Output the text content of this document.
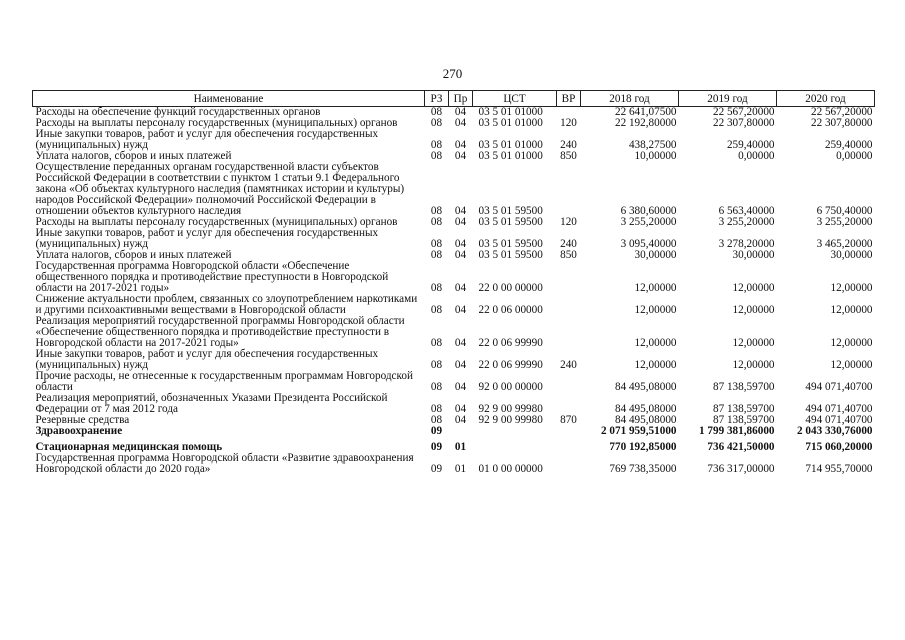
270
Наименование	РЗ	Пр	ЦСТ	ВР	2018 год	2019 год	2020 год
Расходы на обеспечение функций государственных органов	08	04	03 5 01 01000		22 641,07500	22 567,20000	22 567,20000
Расходы на выплаты персоналу государственных (муниципальных) органов	08	04	03 5 01 01000	120	22 192,80000	22 307,80000	22 307,80000
Иные закупки товаров, работ и услуг для обеспечения государственных (муниципальных) нужд	08	04	03 5 01 01000	240	438,27500	259,40000	259,40000
Уплата налогов, сборов и иных платежей	08	04	03 5 01 01000	850	10,00000	0,00000	0,00000
Осуществление переданных органам государственной власти субъектов Российской Федерации в соответствии с пунктом 1 статьи 9.1 Федерального закона «Об объектах культурного наследия (памятниках истории и культуры) народов Российской Федерации» полномочий Российской Федерации в отношении объектов культурного наследия	08	04	03 5 01 59500		6 380,60000	6 563,40000	6 750,40000
Расходы на выплаты персоналу государственных (муниципальных) органов	08	04	03 5 01 59500	120	3 255,20000	3 255,20000	3 255,20000
Иные закупки товаров, работ и услуг для обеспечения государственных (муниципальных) нужд	08	04	03 5 01 59500	240	3 095,40000	3 278,20000	3 465,20000
Уплата налогов, сборов и иных платежей	08	04	03 5 01 59500	850	30,00000	30,00000	30,00000
Государственная программа Новгородской области «Обеспечение общественного порядка и противодействие преступности в Новгородской области на 2017-2021 годы»	08	04	22 0 00 00000		12,00000	12,00000	12,00000
Снижение актуальности проблем, связанных со злоупотреблением наркотиками и другими психоактивными веществами в Новгородской области	08	04	22 0 06 00000		12,00000	12,00000	12,00000
Реализация мероприятий государственной программы Новгородской области «Обеспечение общественного порядка и противодействие преступности в Новгородской области на 2017-2021 годы»	08	04	22 0 06 99990		12,00000	12,00000	12,00000
Иные закупки товаров, работ и услуг для обеспечения государственных (муниципальных) нужд	08	04	22 0 06 99990	240	12,00000	12,00000	12,00000
Прочие расходы, не отнесенные к государственным программам Новгородской области	08	04	92 0 00 00000		84 495,08000	87 138,59700	494 071,40700
Реализация мероприятий, обозначенных Указами Президента Российской Федерации от 7 мая 2012 года	08	04	92 9 00 99980		84 495,08000	87 138,59700	494 071,40700
Резервные средства	08	04	92 9 00 99980	870	84 495,08000	87 138,59700	494 071,40700
Здравоохранение	09				2 071 959,51000	1 799 381,86000	2 043 330,76000
Стационарная медицинская помощь	09	01			770 192,85000	736 421,50000	715 060,20000
Государственная программа Новгородской области «Развитие здравоохранения Новгородской области до 2020 года»	09	01	01 0 00 00000		769 738,35000	736 317,00000	714 955,70000
